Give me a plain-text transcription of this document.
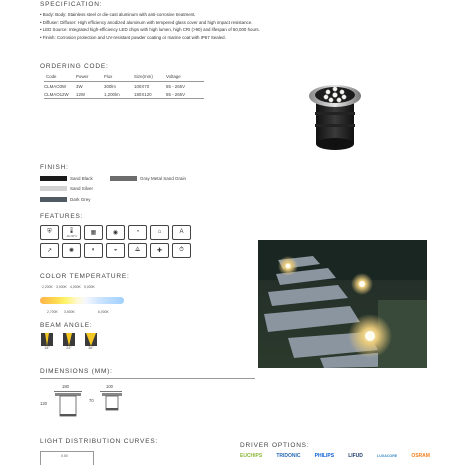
SPECIFICATION:
• Body: Body: Stainless steel or die-cast aluminum with anti-corrosive treatment.
• Diffuser: Diffuser: High efficiency anodized aluminum with tempered glass cover and high impact resistance.
• LED Source: Integrated high-efficiency LED chips with high lumen, high CRI (>90) and lifespan of 50,000 hours.
• Finish: Corrosion protection and UV-resistant powder coating or marine coat with IP67 Sealed.
ORDERING CODE:
Code	Power	Flux	Size(mm)	Voltage
CLMAO3W	3W	300lm	100X70	85 - 265V
CLMAO12W	12W	1,200lm	180X120	85 - 265V
FINISH:
Sand Black
Sand Silver
Dark Grey
Gray Metal Sand Grain
FEATURES:
⛨	🌡
-30~50°C
▦	◉	◔	⌂	A
↗	✺	◐	◒	⟁	✚	⏱
COLOR TEMPERATURE:
2,200K 3,000K 4,000K 5,000K
2,700K 3,500K	6,000K
BEAM ANGLE:
15°	24°	36°
DIMENSIONS (MM):
180
120
100
70
LIGHT DISTRIBUTION CURVES:
0.00
DRIVER OPTIONS:
EUCHIPS	TRIDONIC	PHILIPS	LIFUD	LUXACORE	OSRAM
